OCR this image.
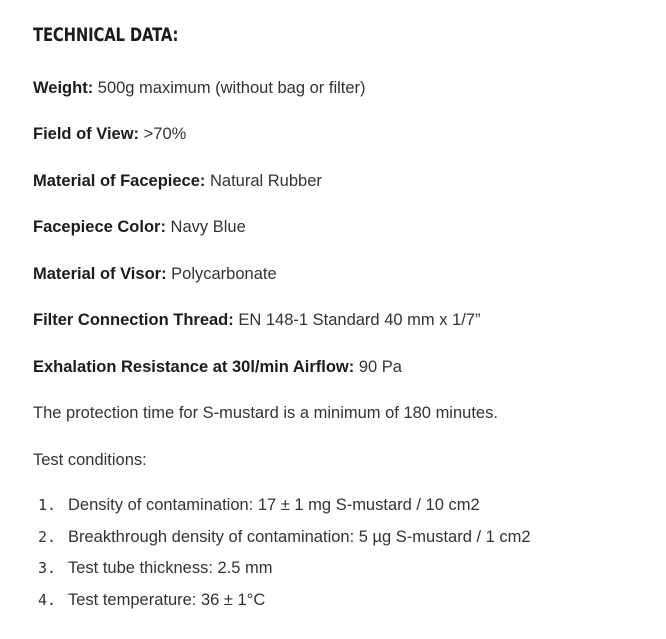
TECHNICAL DATA:

Weight: 500g maximum (without bag or filter)

Field of View: >70%

Material of Facepiece: Natural Rubber

Facepiece Color: Navy Blue

Material of Visor: Polycarbonate

Filter Connection Thread: EN 148-1 Standard 40 mm x 1/7”

Exhalation Resistance at 30l/min Airflow: 90 Pa

The protection time for S-mustard is a minimum of 180 minutes.

Test conditions:

1. Density of contamination: 17 ± 1 mg S-mustard / 10 cm2
2. Breakthrough density of contamination: 5 µg S-mustard / 1 cm2
3. Test tube thickness: 2.5 mm
4. Test temperature: 36 ± 1°C
